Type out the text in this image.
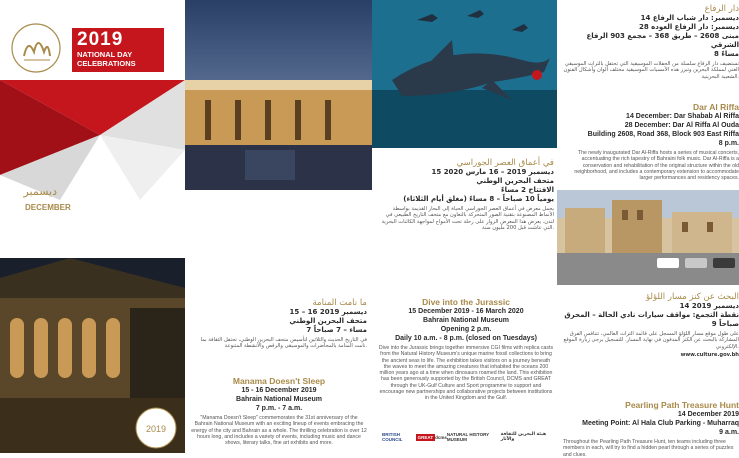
2019
NATIONAL DAY
CELEBRATIONS
ديسمبر
DECEMBER
2019
ما نامت المنامة
15 – 16 ديسمبر 2019
متحف البحرين الوطني
7 مساء – 7 صباحاً
في التاريخ الحديث والثلاثين لتأسيس متحف البحرين الوطني، تحتفل الثقافة بما نامت المنامة بالمحاضرات والموسيقى والرقص والأنشطة المتنوعة.
Manama Doesn't Sleep
15 - 16 December 2019
Bahrain National Museum
7 p.m. - 7 a.m.
"Manama Doesn't Sleep" commemorates the 31st anniversary of the Bahrain National Museum with an exciting lineup of events embracing the energy of the city and Bahrain as a whole. The thrilling celebration is over 12 hours long, and includes a variety of events, including music and dance shows, literary talks, fine art exhibits and more.
في أعماق العصر الجوراسي
15 ديسمبر 2019 – 16 مارس 2020
متحف البحرين الوطني
الافتتاح 2 مساءً
يومياً 10 صباحاً – 8 مساءً (مغلق أيام الثلاثاء)
يحمل معرض في أعماق العصر الجوراسي الحياة إلى البحار القديمة بواسطة الأنماط المصنوعة بتقنية الصور المتحركة بالتعاون مع متحف التاريخ الطبيعي في لندن. يعرض هذا المعرض الزوار على رحلة تحت الأمواج لمواجهة الكائنات البحرية التي عاشت قبل 200 مليون سنة.
Dive into the Jurassic
15 December 2019 - 16 March 2020
Bahrain National Museum
Opening 2 p.m.
Daily 10 a.m. - 8 p.m. (closed on Tuesdays)
Dive into the Jurassic brings together immersive CGI films with replica casts from the Natural History Museum's unique marine fossil collections to bring the ancient seas to life. The exhibition takes visitors on a journey beneath the waves to meet the amazing creatures that inhabited the oceans 200 million years ago at a time when dinosaurs roamed the land. This exhibition has been generously supported by the British Council, DCMS and GREAT through the UK-Gulf Culture and Sport programme to support and encourage new partnerships and collaborative projects between institutions in the United Kingdom and the Gulf.
BRITISH COUNCIL	GREAT dcms NATURAL HISTORY MUSEUM
هيئة البحرين للثقافة والآثار
دار الرفاع
14 ديسمبر: دار شباب الرفاع
28 ديسمبر: دار الرفاع العوده
مبنى 2608 – طريق 368 – مجمع 903 الرفاع الشرقي
8 مساءً
تستضيف دار الرفاع سلسلة من الحفلات الموسيقية التي تحتفل بالتراث الموسيقي الغني لمملكة البحرين وتبرز هذه الأمسيات الموسيقية مختلف ألوان وأشكال الفنون الشعبية البحرينية.
Dar Al Riffa
14 December: Dar Shabab Al Riffa
28 December: Dar Al Riffa Al Ouda
Building 2608, Road 368, Block 903 East Riffa
8 p.m.
The newly inaugurated Dar Al-Riffa hosts a series of musical concerts, accentuating the rich tapestry of Bahraini folk music. Dar Al-Riffa is a conservation and rehabilitation of the original structure within the old neighborhood, and includes a contemporary extension to accommodate larger performances and residency spaces.
البحث عن كنز مسار اللؤلؤ
14 ديسمبر 2019
نقطة التجمع: مواقف سيارات نادي الحالة – المحرق
9 صباحاً
على طول موقع مسار اللؤلؤ المسجل على قائمة التراث العالمي، تتنافس الفرق المشاركة بالبحث عن الكنز المدفون في نهاية المسار. للتسجيل يرجى زيارة الموقع الإلكتروني.
www.culture.gov.bh
Pearling Path Treasure Hunt
14 December 2019
Meeting Point: Al Hala Club Parking - Muharraq
9 a.m.
Throughout the Pearling Path Treasure Hunt, ten teams including three members in each, will try to find a hidden pearl through a series of puzzles and clues.
